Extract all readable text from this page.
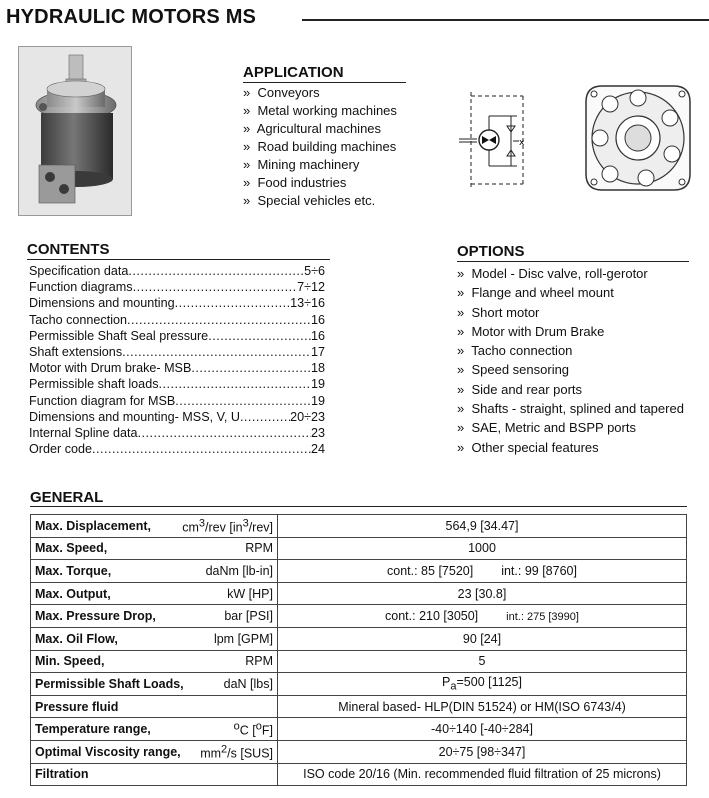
HYDRAULIC MOTORS MS
APPLICATION
»  Conveyors
»  Metal working machines
»  Agricultural machines
»  Road building machines
»  Mining machinery
»  Food industries
»  Special vehicles etc.
x
CONTENTS
Specification data .....	5÷6
Function diagrams .....	7÷12
Dimensions and mounting .....	13÷16
Tacho connection .....	16
Permissible Shaft Seal pressure .....	16
Shaft extensions .....	17
Motor with Drum brake- MSB .....	18
Permissible shaft loads .....	19
Function diagram for MSB .....	19
Dimensions and mounting- MSS, V, U .....	20÷23
Internal Spline data .....	23
Order code .....	24
OPTIONS
»  Model - Disc valve, roll-gerotor
»  Flange and wheel mount
»  Short motor
»  Motor with Drum Brake
»  Tacho connection
»  Speed sensoring
»  Side and rear ports
»  Shafts - straight, splined and tapered
»  SAE, Metric and BSPP ports
»  Other special features
GENERAL
Max. Displacement, $cm^3$/rev $[in^3/rev]$	564,9 [34.47]
Max. Speed, RPM	1000
Max. Torque, daNm [lb-in]	cont.: 85 [7520] int.: 99 [8760]
Max. Output, kW [HP]	23 [30.8]
Max. Pressure Drop, bar [PSI]	cont.: 210 [3050] int.: 275 [3990]
Max. Oil Flow, lpm [GPM]	90 [24]
Min. Speed, RPM	5
Permissible Shaft Loads, daN [lbs]	$P_a=500$ [1125]
Pressure fluid	Mineral based- HLP(DIN 51524) or HM(ISO 6743/4)
Temperature range, $^o$C [$^o$F]	-40÷140 [-40÷284]
Optimal Viscosity range, $mm^2/s$ [SUS]	20÷75 [98÷347]
Filtration	ISO code 20/16 (Min. recommended fluid filtration of 25 microns)
